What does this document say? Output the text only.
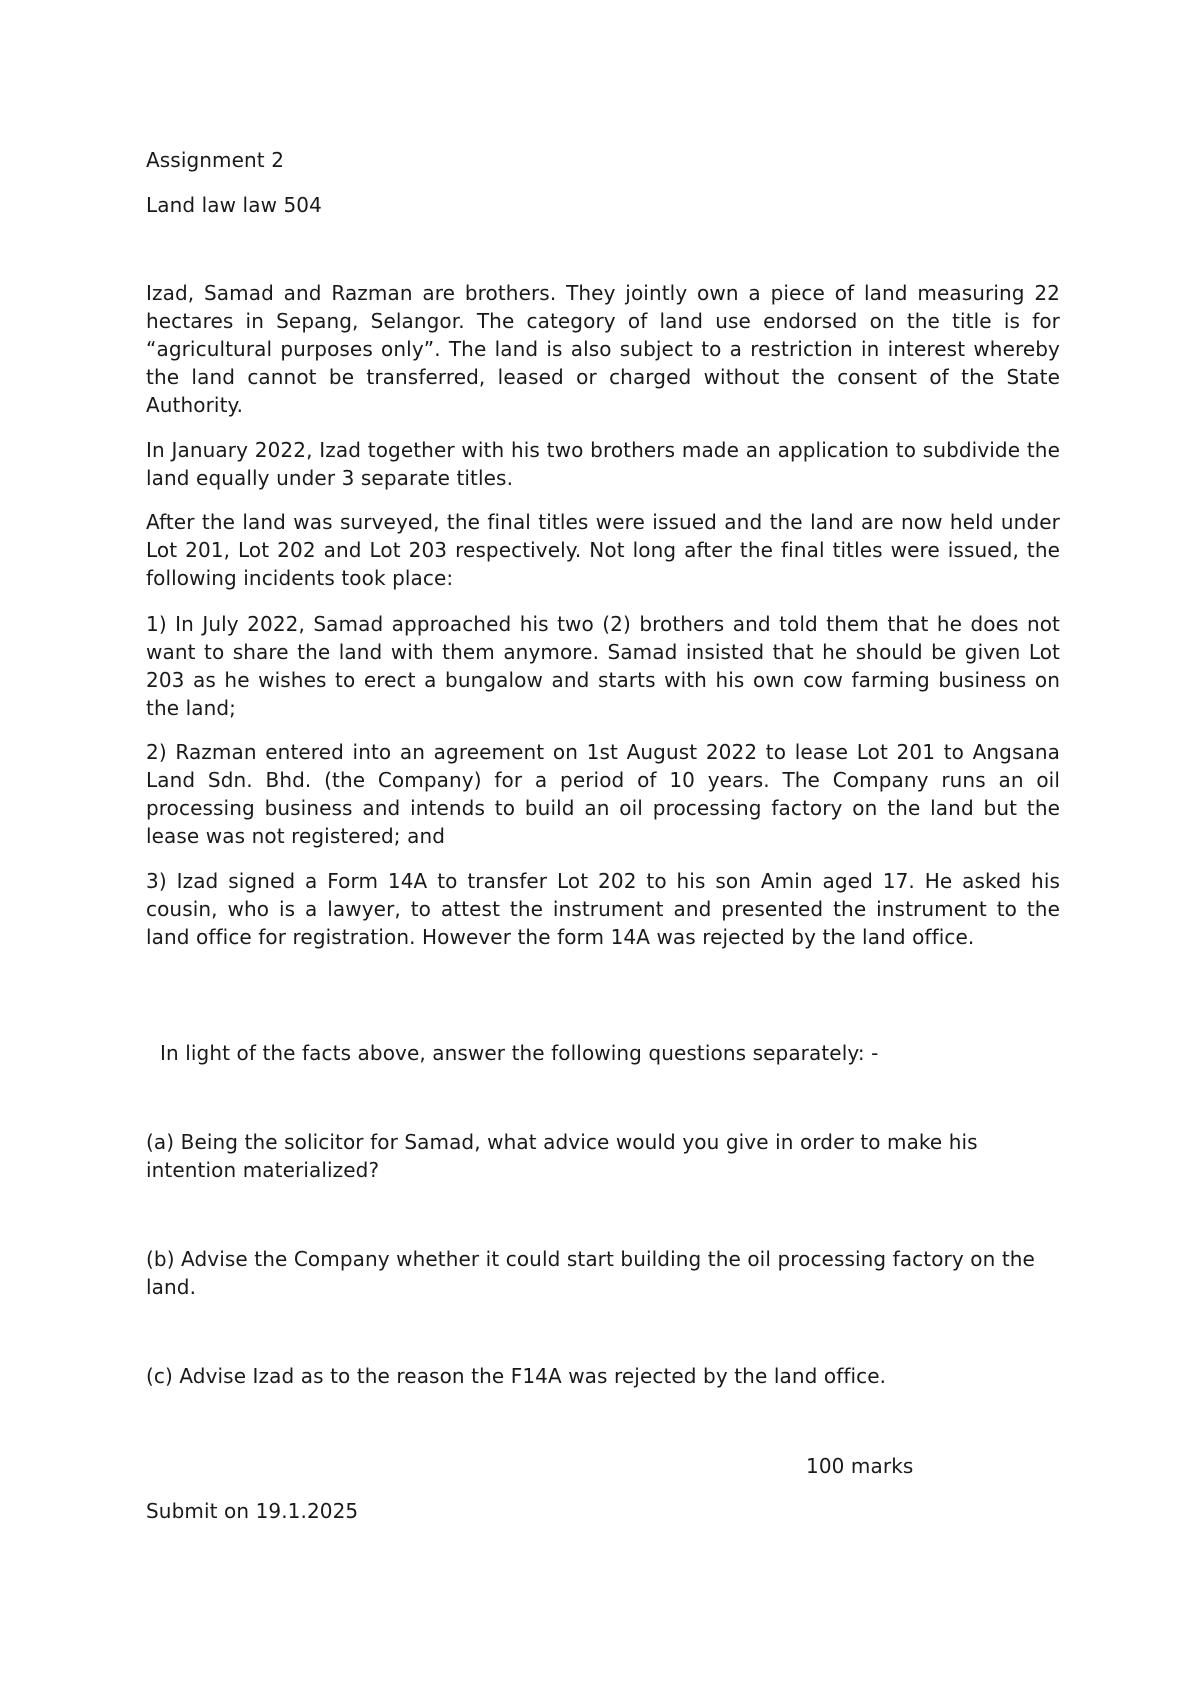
Assignment 2

Land law law 504

Izad, Samad and Razman are brothers. They jointly own a piece of land measuring 22 hectares in Sepang, Selangor. The category of land use endorsed on the title is for “agricultural purposes only”. The land is also subject to a restriction in interest whereby the land cannot be transferred, leased or charged without the consent of the State Authority.

In January 2022, Izad together with his two brothers made an application to subdivide the land equally under 3 separate titles.

After the land was surveyed, the final titles were issued and the land are now held under Lot 201, Lot 202 and Lot 203 respectively. Not long after the final titles were issued, the following incidents took place:

1) In July 2022, Samad approached his two (2) brothers and told them that he does not want to share the land with them anymore. Samad insisted that he should be given Lot 203 as he wishes to erect a bungalow and starts with his own cow farming business on the land;

2) Razman entered into an agreement on 1st August 2022 to lease Lot 201 to Angsana Land Sdn. Bhd. (the Company) for a period of 10 years. The Company runs an oil processing business and intends to build an oil processing factory on the land but the lease was not registered; and

3) Izad signed a Form 14A to transfer Lot 202 to his son Amin aged 17. He asked his cousin, who is a lawyer, to attest the instrument and presented the instrument to the land office for registration. However the form 14A was rejected by the land office.

In light of the facts above, answer the following questions separately: -

(a) Being the solicitor for Samad, what advice would you give in order to make his intention materialized?

(b) Advise the Company whether it could start building the oil processing factory on the land.

(c) Advise Izad as to the reason the F14A was rejected by the land office.

100 marks

Submit on 19.1.2025
